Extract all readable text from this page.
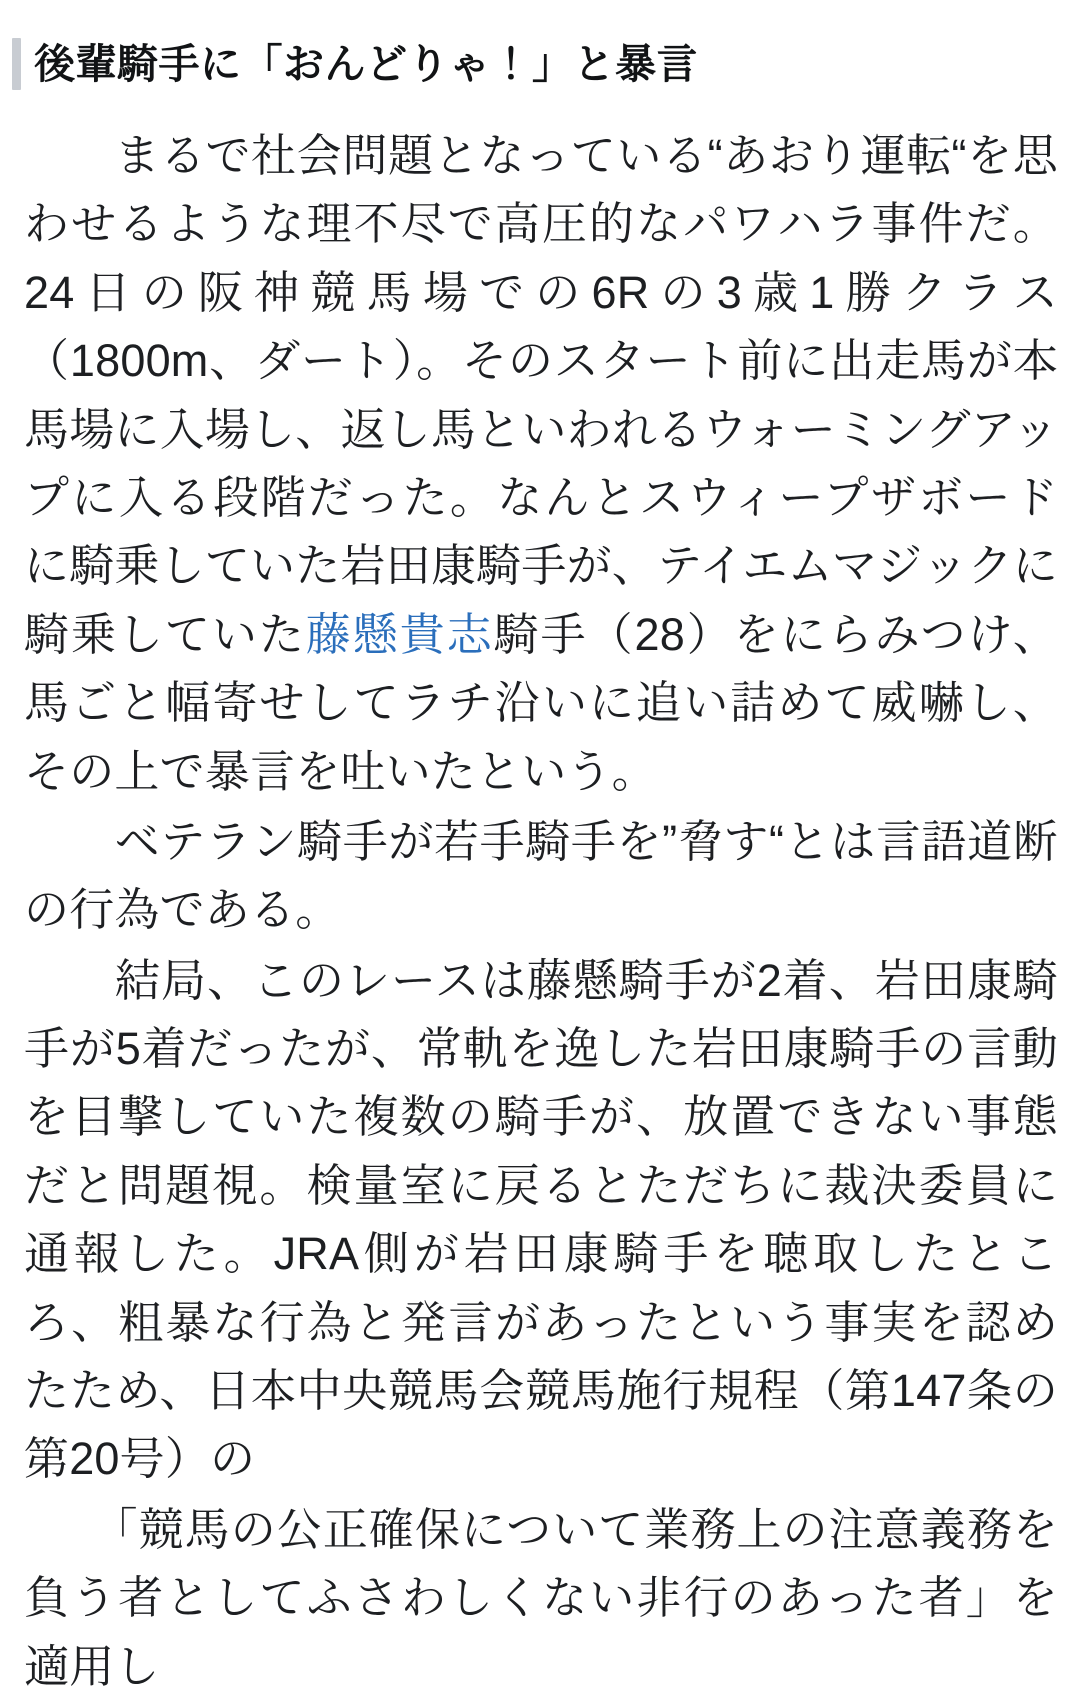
後輩騎手に「おんどりゃ！」と暴言

　まるで社会問題となっている“あおり運転“を思わせるような理不尽で高圧的なパワハラ事件だ。24日の阪神競馬場での6Rの3歳1勝クラス（1800m、ダート）。そのスタート前に出走馬が本馬場に入場し、返し馬といわれるウォーミングアップに入る段階だった。なんとスウィープザボードに騎乗していた岩田康騎手が、テイエムマジックに騎乗していた藤懸貴志騎手（28）をにらみつけ、馬ごと幅寄せしてラチ沿いに追い詰めて威嚇し、その上で暴言を吐いたという。

　ベテラン騎手が若手騎手を”脅す“とは言語道断の行為である。

　結局、このレースは藤懸騎手が2着、岩田康騎手が5着だったが、常軌を逸した岩田康騎手の言動を目撃していた複数の騎手が、放置できない事態だと問題視。検量室に戻るとただちに裁決委員に通報した。JRA側が岩田康騎手を聴取したところ、粗暴な行為と発言があったという事実を認めたため、日本中央競馬会競馬施行規程（第147条の第20号）の

　「競馬の公正確保について業務上の注意義務を負う者としてふさわしくない非行のあった者」を適用し
